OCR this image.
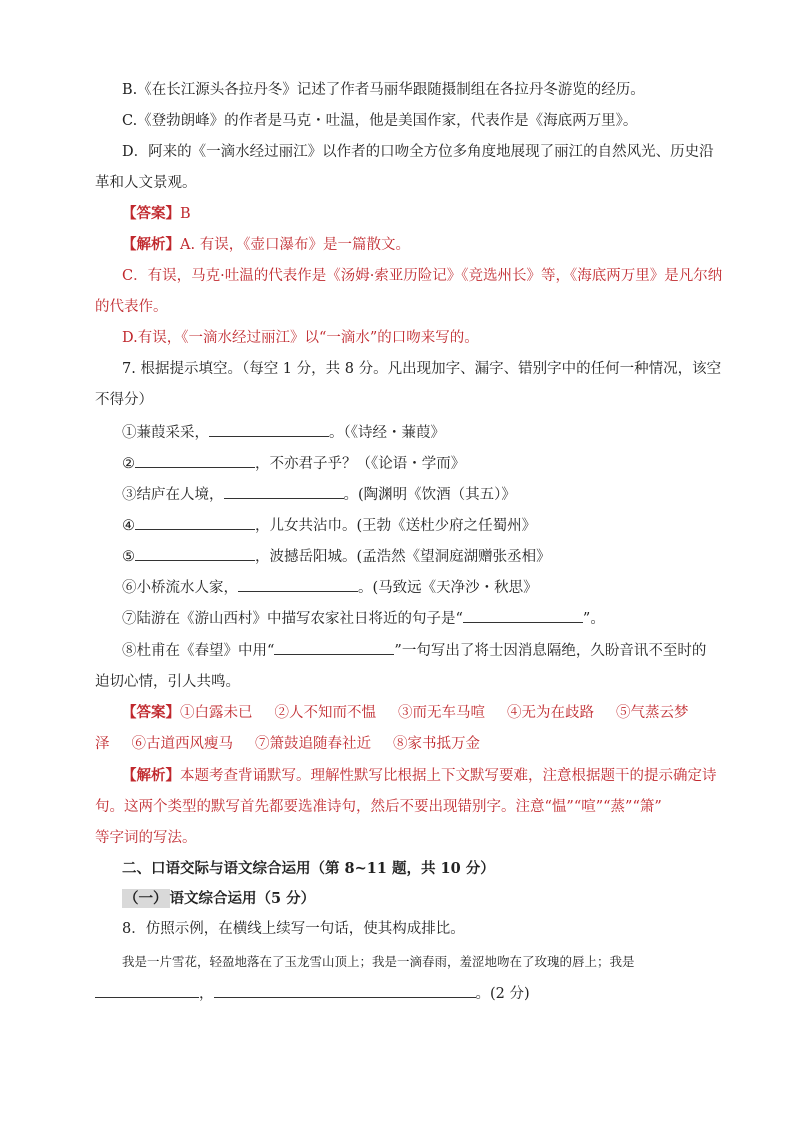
B.《在长江源头各拉丹冬》记述了作者马丽华跟随摄制组在各拉丹冬游览的经历。
C.《登勃朗峰》的作者是马克・吐温，他是美国作家，代表作是《海底两万里》。
D．阿来的《一滴水经过丽江》以作者的口吻全方位多角度地展现了丽江的自然风光、历史沿
革和人文景观。
【答案】B
【解析】A. 有误，《壶口瀑布》是一篇散文。
C．有误，马克·吐温的代表作是《汤姆·索亚历险记》《竞选州长》等，《海底两万里》是凡尔纳
的代表作。
D.有误，《一滴水经过丽江》以“一滴水”的口吻来写的。
7. 根据提示填空。（每空 1 分，共 8 分。凡出现加字、漏字、错别字中的任何一种情况，该空
不得分）
①蒹葭采采，	。（《诗经・蒹葭》
②	，不亦君子乎？（《论语・学而》
③结庐在人境，	。(陶渊明《饮酒（其五）》
④	，儿女共沾巾。(王勃《送杜少府之任蜀州》
⑤	，波撼岳阳城。(孟浩然《望洞庭湖赠张丞相》
⑥小桥流水人家，	。(马致远《天净沙・秋思》
⑦陆游在《游山西村》中描写农家社日将近的句子是“	”。
⑧杜甫在《春望》中用“	”一句写出了将士因消息隔绝，久盼音讯不至时的
迫切心情，引人共鸣。
【答案】①白露未已 ②人不知而不愠 ③而无车马喧 ④无为在歧路 ⑤气蒸云梦
泽 ⑥古道西风瘦马 ⑦箫鼓追随春社近 ⑧家书抵万金
【解析】本题考查背诵默写。理解性默写比根据上下文默写要难，注意根据题干的提示确定诗
句。这两个类型的默写首先都要选准诗句，然后不要出现错别字。注意“愠”“喧”“蒸”“箫”
等字词的写法。
二、口语交际与语文综合运用（第 8~11 题，共 10 分）
（一） 语文综合运用（5 分）
8．仿照示例，在横线上续写一句话，使其构成排比。
我是一片雪花，轻盈地落在了玉龙雪山顶上；我是一滴春雨，羞涩地吻在了玫瑰的唇上；我是
，	。(2 分)
